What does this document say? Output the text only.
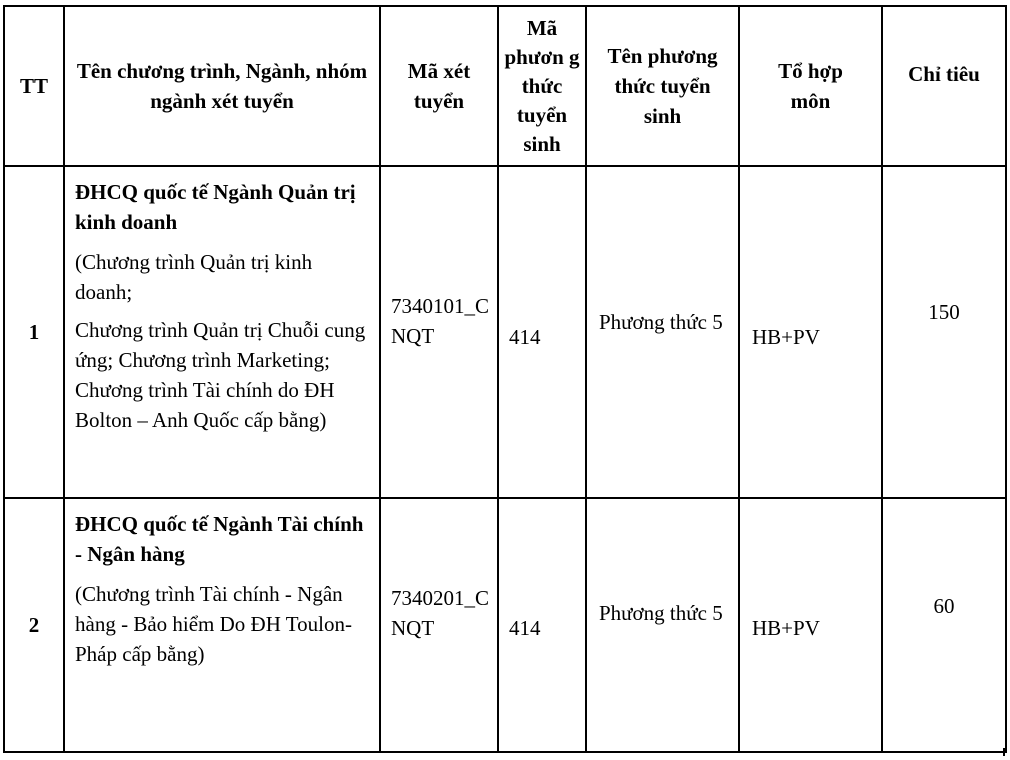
TT	Tên chương trình, Ngành, nhóm ngành xét tuyển	Mã xét tuyển	Mã phươn g thức tuyển sinh	Tên phương thức tuyển sinh	Tổ hợp môn	Chỉ tiêu
1	ĐHCQ quốc tế Ngành Quản trị kinh doanh
(Chương trình Quản trị kinh doanh;
Chương trình Quản trị Chuỗi cung ứng; Chương trình Marketing; Chương trình Tài chính do ĐH Bolton – Anh Quốc cấp bằng)	7340101_CNQT	414	Phương thức 5	HB+PV	150
2	ĐHCQ quốc tế Ngành Tài chính - Ngân hàng
(Chương trình Tài chính - Ngân hàng - Bảo hiểm Do ĐH Toulon- Pháp cấp bằng)	7340201_CNQT	414	Phương thức 5	HB+PV	60
